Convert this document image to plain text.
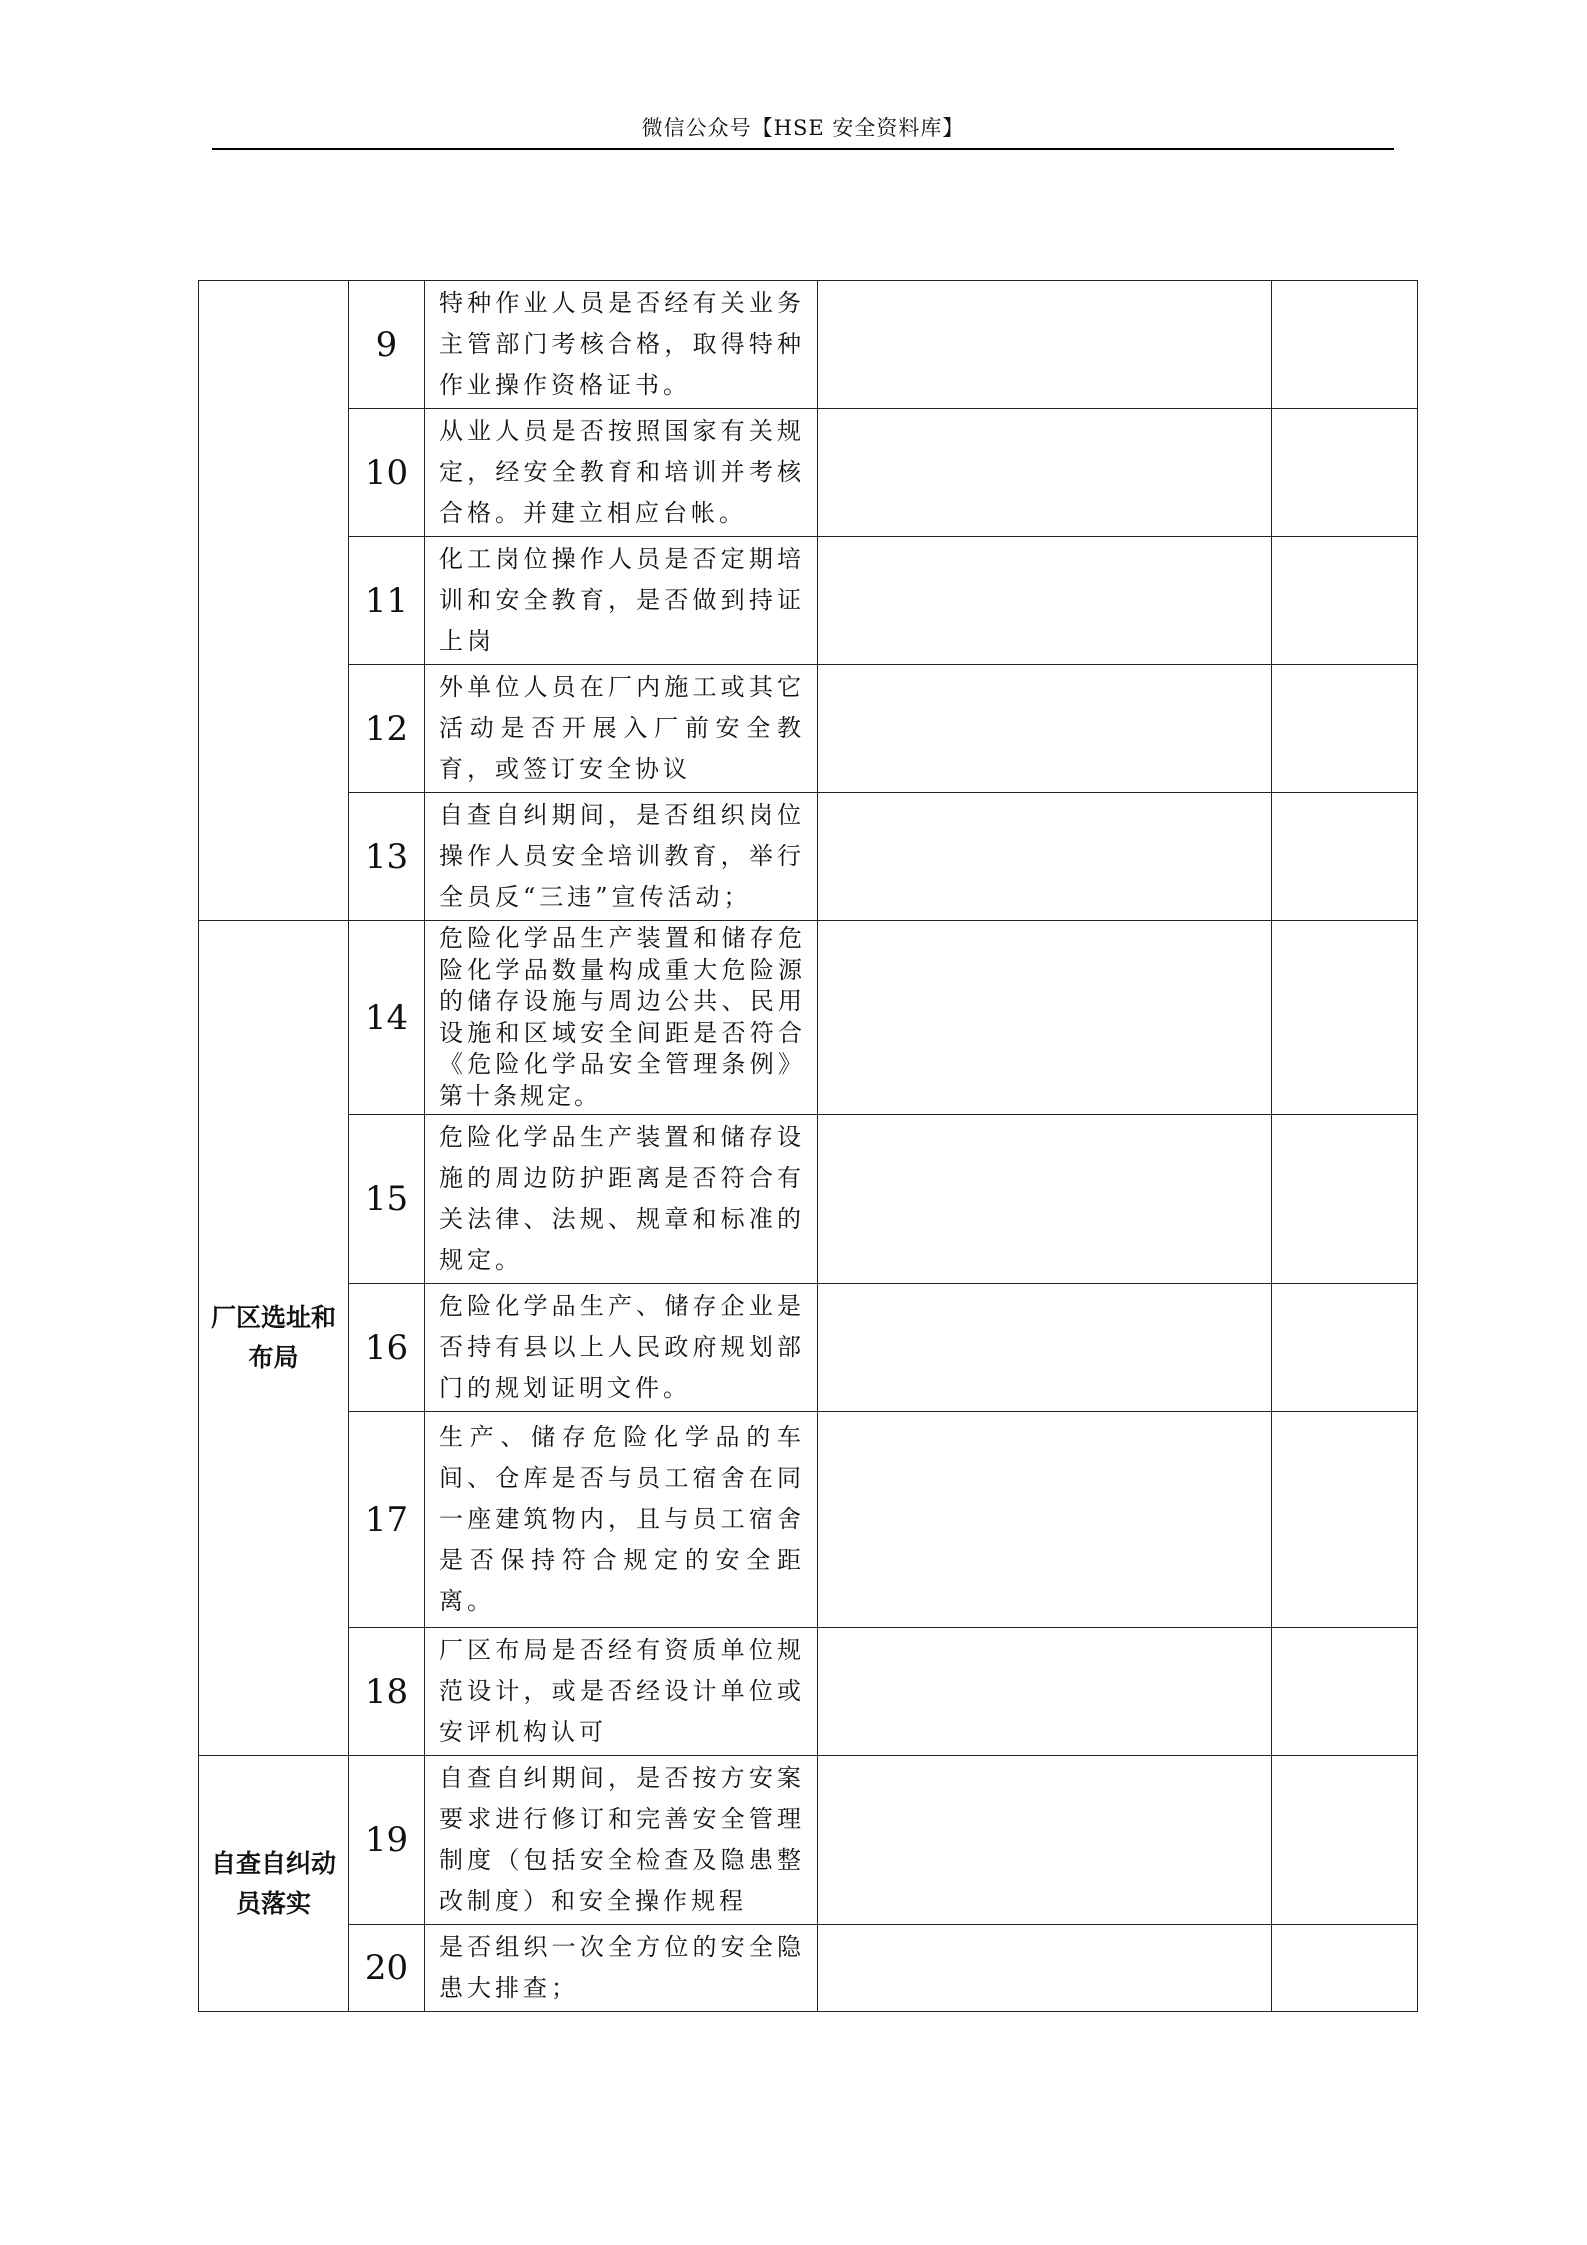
微信公众号【HSE 安全资料库】
	9	特种作业人员是否经有关业务主管部门考核合格，取得特种作业操作资格证书。		
	10	从业人员是否按照国家有关规定，经安全教育和培训并考核合格。并建立相应台帐。		
	11	化工岗位操作人员是否定期培训和安全教育，是否做到持证上岗		
	12	外单位人员在厂内施工或其它活动是否开展入厂前安全教育，或签订安全协议		
	13	自查自纠期间，是否组织岗位操作人员安全培训教育，举行全员反“三违”宣传活动；		
厂区选址和布局	14	危险化学品生产装置和储存危险化学品数量构成重大危险源的储存设施与周边公共、民用设施和区域安全间距是否符合《危险化学品安全管理条例》第十条规定。		
	15	危险化学品生产装置和储存设施的周边防护距离是否符合有关法律、法规、规章和标准的规定。		
	16	危险化学品生产、储存企业是否持有县以上人民政府规划部门的规划证明文件。		
	17	生产、储存危险化学品的车间、仓库是否与员工宿舍在同一座建筑物内，且与员工宿舍是否保持符合规定的安全距离。		
	18	厂区布局是否经有资质单位规范设计，或是否经设计单位或安评机构认可		
自查自纠动员落实	19	自查自纠期间，是否按方安案要求进行修订和完善安全管理制度（包括安全检查及隐患整改制度）和安全操作规程		
	20	是否组织一次全方位的安全隐患大排查；		
